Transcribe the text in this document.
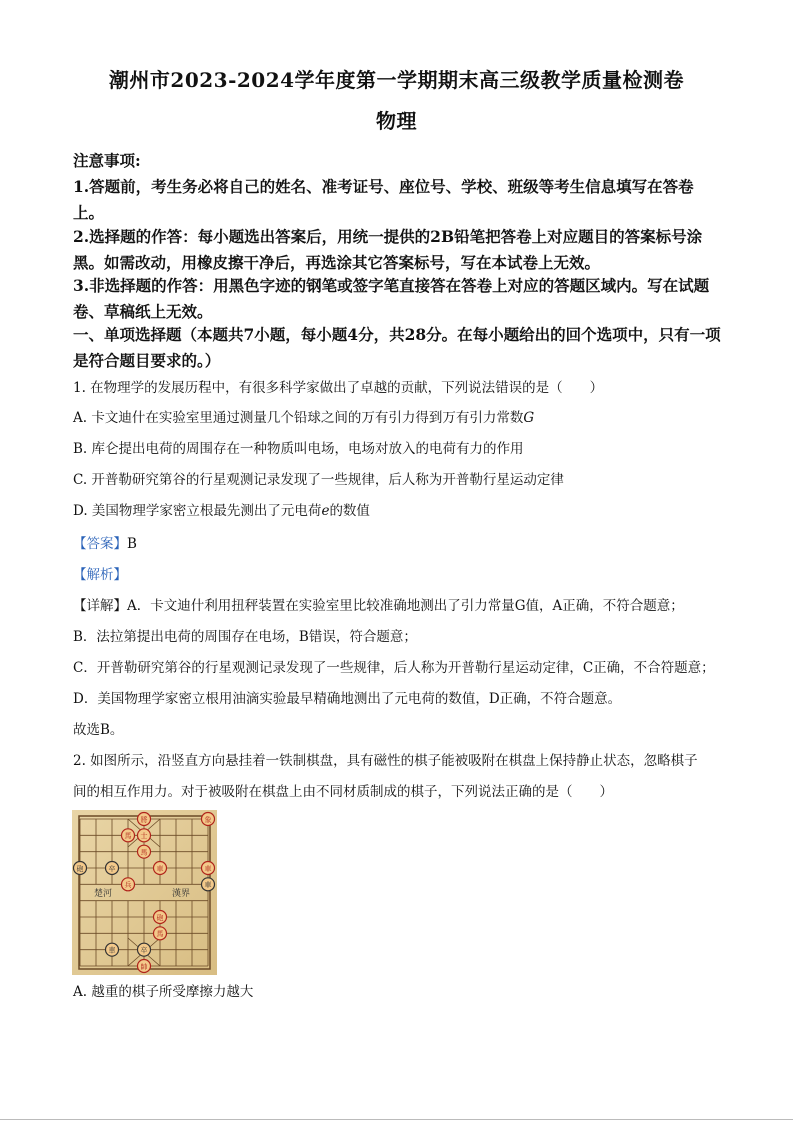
潮州市2023-2024学年度第一学期期末高三级教学质量检测卷
物理
注意事项:
1.答题前，考生务必将自己的姓名、准考证号、座位号、学校、班级等考生信息填写在答卷上。
2.选择题的作答：每小题选出答案后，用统一提供的2B铅笔把答卷上对应题目的答案标号涂黑。如需改动，用橡皮擦干净后，再选涂其它答案标号，写在本试卷上无效。
3.非选择题的作答：用黑色字迹的钢笔或签字笔直接答在答卷上对应的答题区域内。写在试题卷、草稿纸上无效。
一、单项选择题（本题共7小题，每小题4分，共28分。在每小题给出的回个选项中，只有一项是符合题目要求的。）
1. 在物理学的发展历程中，有很多科学家做出了卓越的贡献，下列说法错误的是（　　）
A. 卡文迪什在实验室里通过测量几个铅球之间的万有引力得到万有引力常数G
B. 库仑提出电荷的周围存在一种物质叫电场，电场对放入的电荷有力的作用
C. 开普勒研究第谷的行星观测记录发现了一些规律，后人称为开普勒行星运动定律
D. 美国物理学家密立根最先测出了元电荷e的数值
【答案】B
【解析】
【详解】A．卡文迪什利用扭秤装置在实验室里比较准确地测出了引力常量G值，A正确，不符合题意；
B．法拉第提出电荷的周围存在电场，B错误，符合题意；
C．开普勒研究第谷的行星观测记录发现了一些规律，后人称为开普勒行星运动定律，C正确，不合符题意；
D．美国物理学家密立根用油滴实验最早精确地测出了元电荷的数值，D正确，不符合题意。
故选B。
2. 如图所示，沿竖直方向悬挂着一铁制棋盘，具有磁性的棋子能被吸附在棋盘上保持静止状态，忽略棋子
间的相互作用力。对于被吸附在棋盘上由不同材质制成的棋子，下列说法正确的是（　　）
楚河	漢界
將
馬 士
馬
象
卒
砲	車
車
兵
車
砲
車	卒
帥
馬
A. 越重的棋子所受摩擦力越大
